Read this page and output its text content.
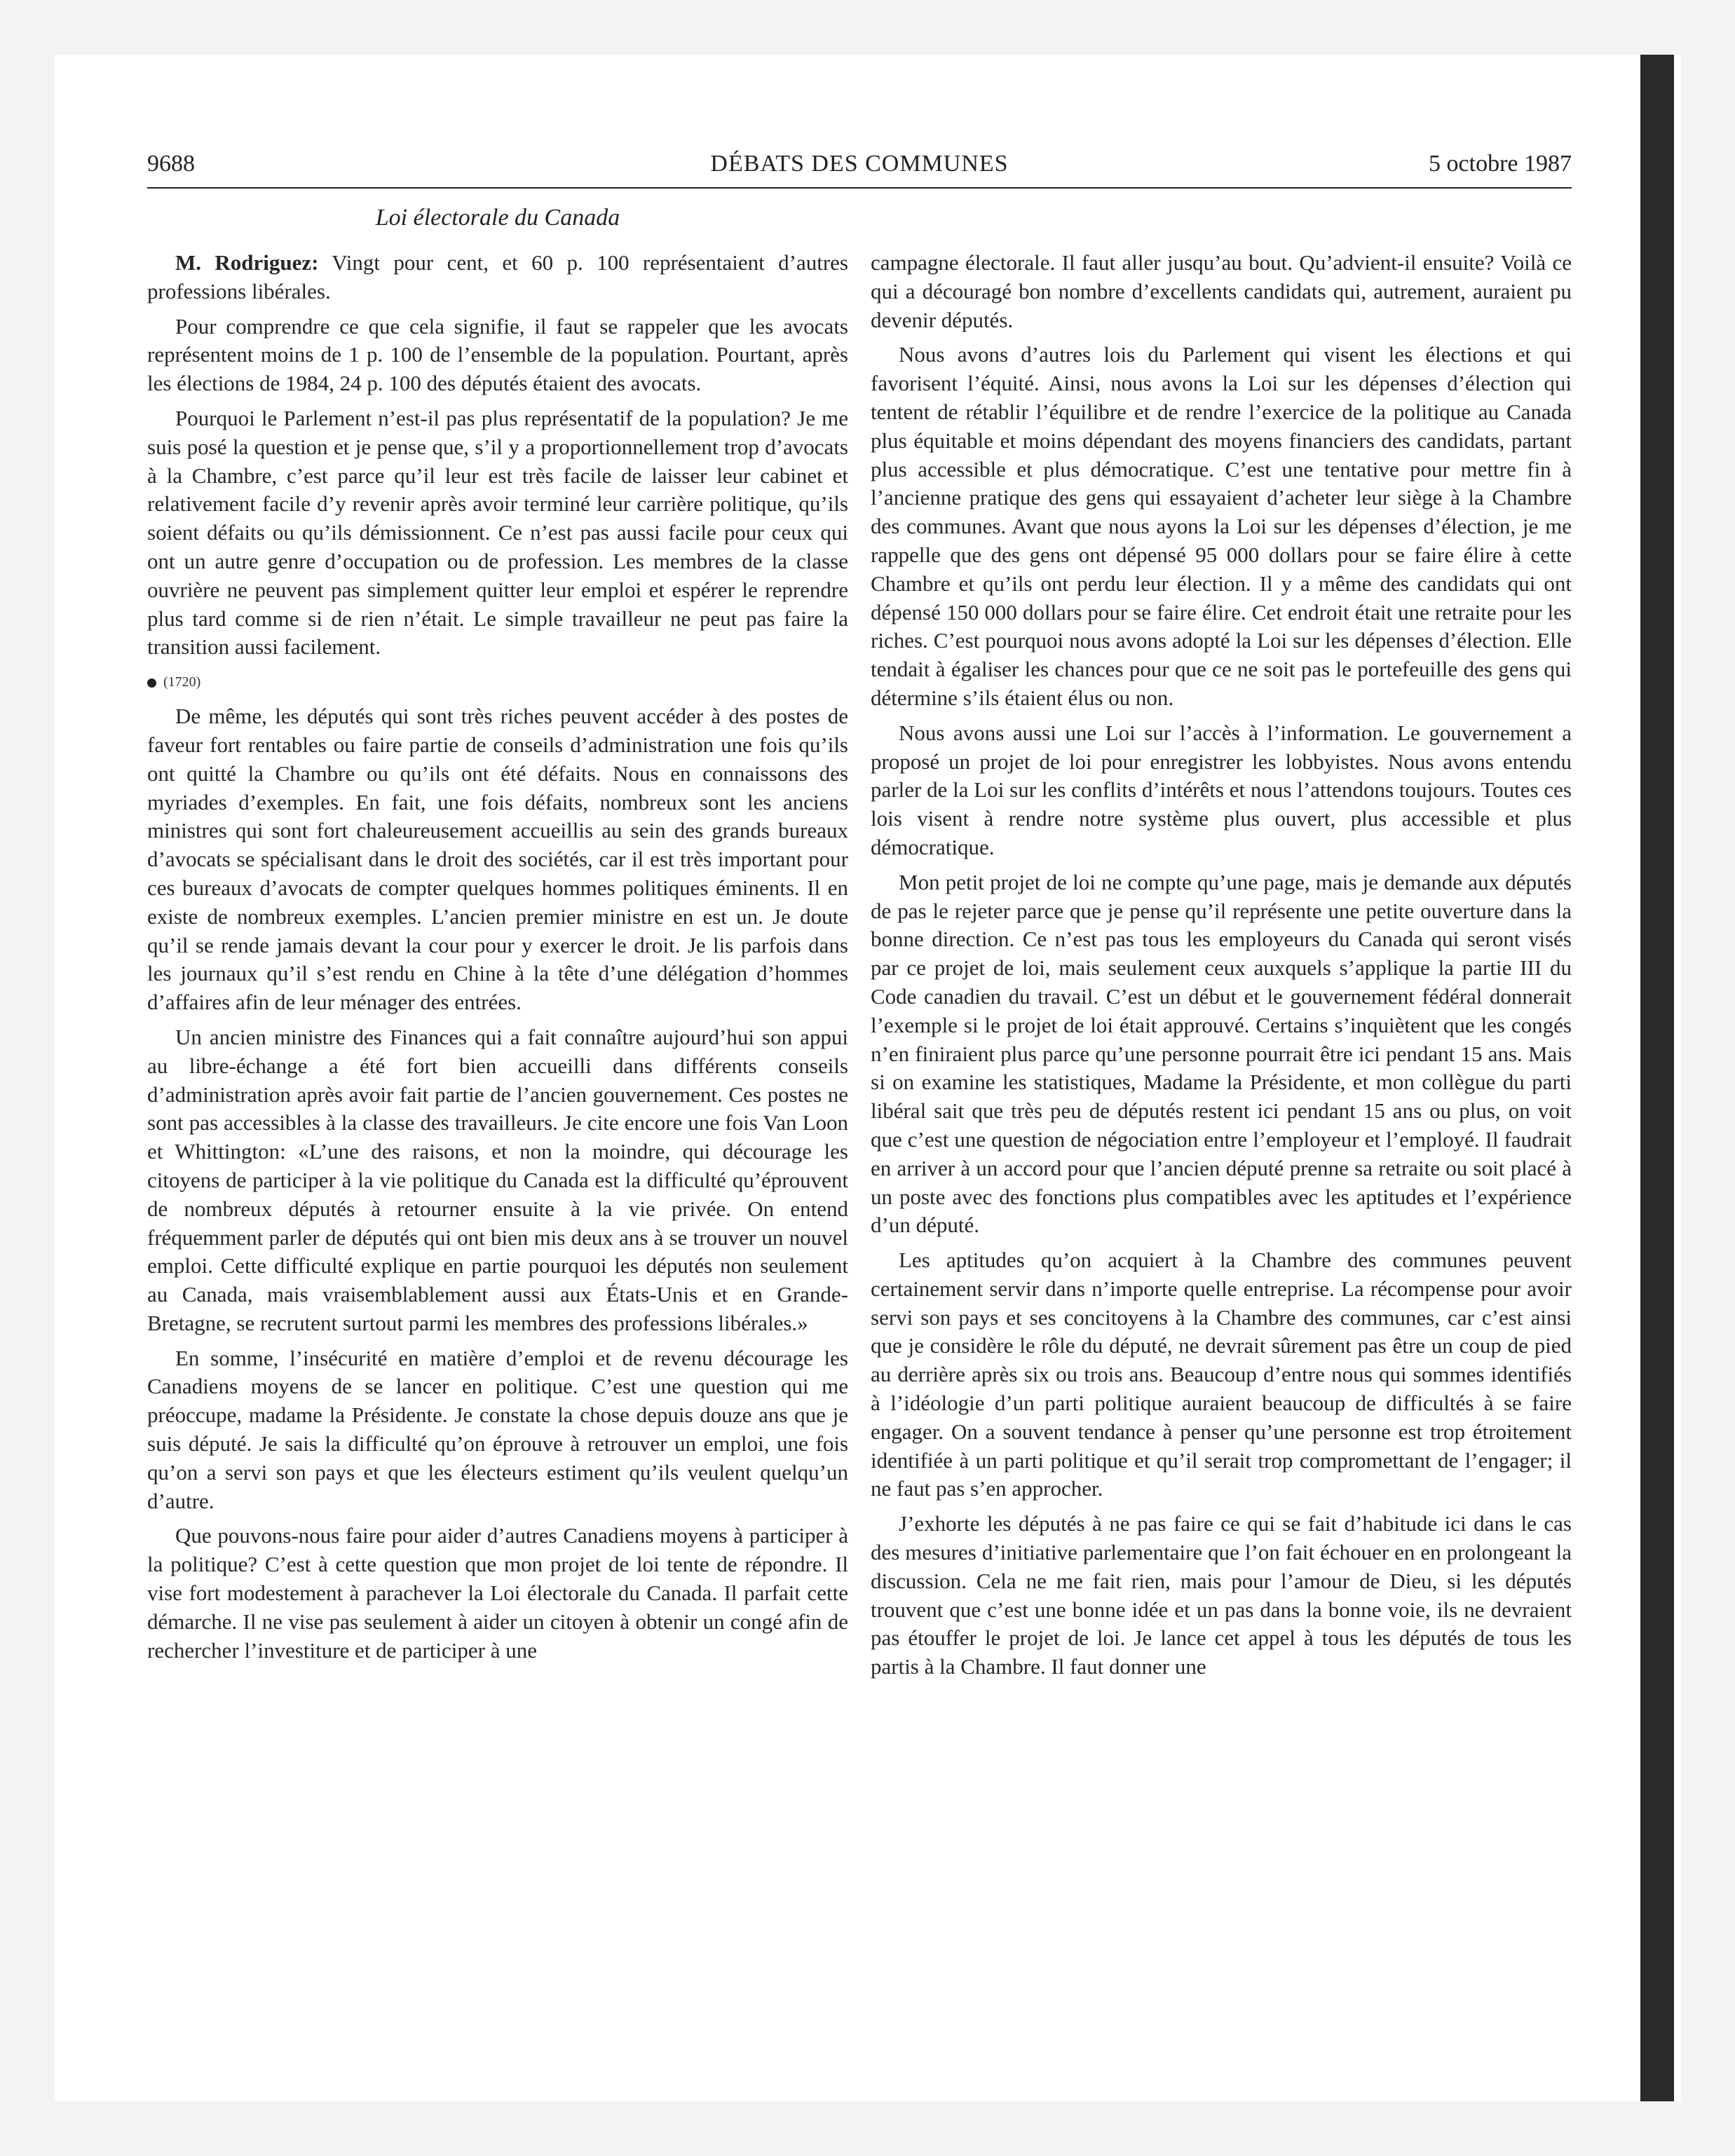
9688	DÉBATS DES COMMUNES	5 octobre 1987
Loi électorale du Canada

M. Rodriguez: Vingt pour cent, et 60 p. 100 représentaient d’autres professions libérales.

Pour comprendre ce que cela signifie, il faut se rappeler que les avocats représentent moins de 1 p. 100 de l’ensemble de la population. Pourtant, après les élections de 1984, 24 p. 100 des députés étaient des avocats.

Pourquoi le Parlement n’est-il pas plus représentatif de la population? Je me suis posé la question et je pense que, s’il y a proportionnellement trop d’avocats à la Chambre, c’est parce qu’il leur est très facile de laisser leur cabinet et relativement facile d’y revenir après avoir terminé leur carrière politique, qu’ils soient défaits ou qu’ils démissionnent. Ce n’est pas aussi facile pour ceux qui ont un autre genre d’occupation ou de profession. Les membres de la classe ouvrière ne peuvent pas simplement quitter leur emploi et espérer le reprendre plus tard comme si de rien n’était. Le simple travailleur ne peut pas faire la transition aussi facilement.

(1720)

De même, les députés qui sont très riches peuvent accéder à des postes de faveur fort rentables ou faire partie de conseils d’administration une fois qu’ils ont quitté la Chambre ou qu’ils ont été défaits. Nous en connaissons des myriades d’exemples. En fait, une fois défaits, nombreux sont les anciens ministres qui sont fort chaleureusement accueillis au sein des grands bureaux d’avocats se spécialisant dans le droit des sociétés, car il est très important pour ces bureaux d’avocats de compter quelques hommes politiques éminents. Il en existe de nombreux exemples. L’ancien premier ministre en est un. Je doute qu’il se rende jamais devant la cour pour y exercer le droit. Je lis parfois dans les journaux qu’il s’est rendu en Chine à la tête d’une délégation d’hommes d’affaires afin de leur ménager des entrées.

Un ancien ministre des Finances qui a fait connaître aujourd’hui son appui au libre-échange a été fort bien accueilli dans différents conseils d’administration après avoir fait partie de l’ancien gouvernement. Ces postes ne sont pas accessibles à la classe des travailleurs. Je cite encore une fois Van Loon et Whittington: «L’une des raisons, et non la moindre, qui décourage les citoyens de participer à la vie politique du Canada est la difficulté qu’éprouvent de nombreux députés à retourner ensuite à la vie privée. On entend fréquemment parler de députés qui ont bien mis deux ans à se trouver un nouvel emploi. Cette difficulté explique en partie pourquoi les députés non seulement au Canada, mais vraisemblablement aussi aux États-Unis et en Grande-Bretagne, se recrutent surtout parmi les membres des professions libérales.»

En somme, l’insécurité en matière d’emploi et de revenu décourage les Canadiens moyens de se lancer en politique. C’est une question qui me préoccupe, madame la Présidente. Je constate la chose depuis douze ans que je suis député. Je sais la difficulté qu’on éprouve à retrouver un emploi, une fois qu’on a servi son pays et que les électeurs estiment qu’ils veulent quelqu’un d’autre.

Que pouvons-nous faire pour aider d’autres Canadiens moyens à participer à la politique? C’est à cette question que mon projet de loi tente de répondre. Il vise fort modestement à parachever la Loi électorale du Canada. Il parfait cette démarche. Il ne vise pas seulement à aider un citoyen à obtenir un congé afin de rechercher l’investiture et de participer à une

campagne électorale. Il faut aller jusqu’au bout. Qu’advient-il ensuite? Voilà ce qui a découragé bon nombre d’excellents candidats qui, autrement, auraient pu devenir députés.

Nous avons d’autres lois du Parlement qui visent les élections et qui favorisent l’équité. Ainsi, nous avons la Loi sur les dépenses d’élection qui tentent de rétablir l’équilibre et de rendre l’exercice de la politique au Canada plus équitable et moins dépendant des moyens financiers des candidats, partant plus accessible et plus démocratique. C’est une tentative pour mettre fin à l’ancienne pratique des gens qui essayaient d’acheter leur siège à la Chambre des communes. Avant que nous ayons la Loi sur les dépenses d’élection, je me rappelle que des gens ont dépensé 95 000 dollars pour se faire élire à cette Chambre et qu’ils ont perdu leur élection. Il y a même des candidats qui ont dépensé 150 000 dollars pour se faire élire. Cet endroit était une retraite pour les riches. C’est pourquoi nous avons adopté la Loi sur les dépenses d’élection. Elle tendait à égaliser les chances pour que ce ne soit pas le portefeuille des gens qui détermine s’ils étaient élus ou non.

Nous avons aussi une Loi sur l’accès à l’information. Le gouvernement a proposé un projet de loi pour enregistrer les lobbyistes. Nous avons entendu parler de la Loi sur les conflits d’intérêts et nous l’attendons toujours. Toutes ces lois visent à rendre notre système plus ouvert, plus accessible et plus démocratique.

Mon petit projet de loi ne compte qu’une page, mais je demande aux députés de pas le rejeter parce que je pense qu’il représente une petite ouverture dans la bonne direction. Ce n’est pas tous les employeurs du Canada qui seront visés par ce projet de loi, mais seulement ceux auxquels s’applique la partie III du Code canadien du travail. C’est un début et le gouvernement fédéral donnerait l’exemple si le projet de loi était approuvé. Certains s’inquiètent que les congés n’en finiraient plus parce qu’une personne pourrait être ici pendant 15 ans. Mais si on examine les statistiques, Madame la Présidente, et mon collègue du parti libéral sait que très peu de députés restent ici pendant 15 ans ou plus, on voit que c’est une question de négociation entre l’employeur et l’employé. Il faudrait en arriver à un accord pour que l’ancien député prenne sa retraite ou soit placé à un poste avec des fonctions plus compatibles avec les aptitudes et l’expérience d’un député.

Les aptitudes qu’on acquiert à la Chambre des communes peuvent certainement servir dans n’importe quelle entreprise. La récompense pour avoir servi son pays et ses concitoyens à la Chambre des communes, car c’est ainsi que je considère le rôle du député, ne devrait sûrement pas être un coup de pied au derrière après six ou trois ans. Beaucoup d’entre nous qui sommes identifiés à l’idéologie d’un parti politique auraient beaucoup de difficultés à se faire engager. On a souvent tendance à penser qu’une personne est trop étroitement identifiée à un parti politique et qu’il serait trop compromettant de l’engager; il ne faut pas s’en approcher.

J’exhorte les députés à ne pas faire ce qui se fait d’habitude ici dans le cas des mesures d’initiative parlementaire que l’on fait échouer en en prolongeant la discussion. Cela ne me fait rien, mais pour l’amour de Dieu, si les députés trouvent que c’est une bonne idée et un pas dans la bonne voie, ils ne devraient pas étouffer le projet de loi. Je lance cet appel à tous les députés de tous les partis à la Chambre. Il faut donner une
